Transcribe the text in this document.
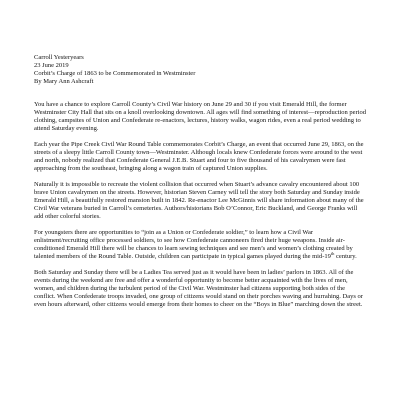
Carroll Yesteryears
23 June 2019
Corbit’s Charge of 1863 to be Commemorated in Westminster
By Mary Ann Ashcraft

You have a chance to explore Carroll County’s Civil War history on June 29 and 30 if you visit Emerald Hill, the former Westminster City Hall that sits on a knoll overlooking downtown. All ages will find something of interest—reproduction period clothing, campsites of Union and Confederate re-enactors, lectures, history walks, wagon rides, even a real period wedding to attend Saturday evening.

Each year the Pipe Creek Civil War Round Table commemorates Corbit’s Charge, an event that occurred June 29, 1863, on the streets of a sleepy little Carroll County town—Westminster. Although locals knew Confederate forces were around to the west and north, nobody realized that Confederate General J.E.B. Stuart and four to five thousand of his cavalrymen were fast approaching from the southeast, bringing along a wagon train of captured Union supplies.

Naturally it is impossible to recreate the violent collision that occurred when Stuart’s advance cavalry encountered about 100 brave Union cavalrymen on the streets. However, historian Steven Carney will tell the story both Saturday and Sunday inside Emerald Hill, a beautifully restored mansion built in 1842. Re-enactor Lee McGinnis will share information about many of the Civil War veterans buried in Carroll’s cemeteries. Authors/historians Bob O’Connor, Eric Buckland, and George Franks will add other colorful stories.

For youngsters there are opportunities to “join as a Union or Confederate soldier,” to learn how a Civil War enlistment/recruiting office processed soldiers, to see how Confederate cannoneers fired their huge weapons. Inside air-conditioned Emerald Hill there will be chances to learn sewing techniques and see men’s and women’s clothing created by talented members of the Round Table. Outside, children can participate in typical games played during the mid-19th century.

Both Saturday and Sunday there will be a Ladies Tea served just as it would have been in ladies’ parlors in 1863. All of the events during the weekend are free and offer a wonderful opportunity to become better acquainted with the lives of men, women, and children during the turbulent period of the Civil War. Westminster had citizens supporting both sides of the conflict. When Confederate troops invaded, one group of citizens would stand on their porches waving and hurrahing. Days or even hours afterward, other citizens would emerge from their homes to cheer on the “Boys in Blue” marching down the street.
